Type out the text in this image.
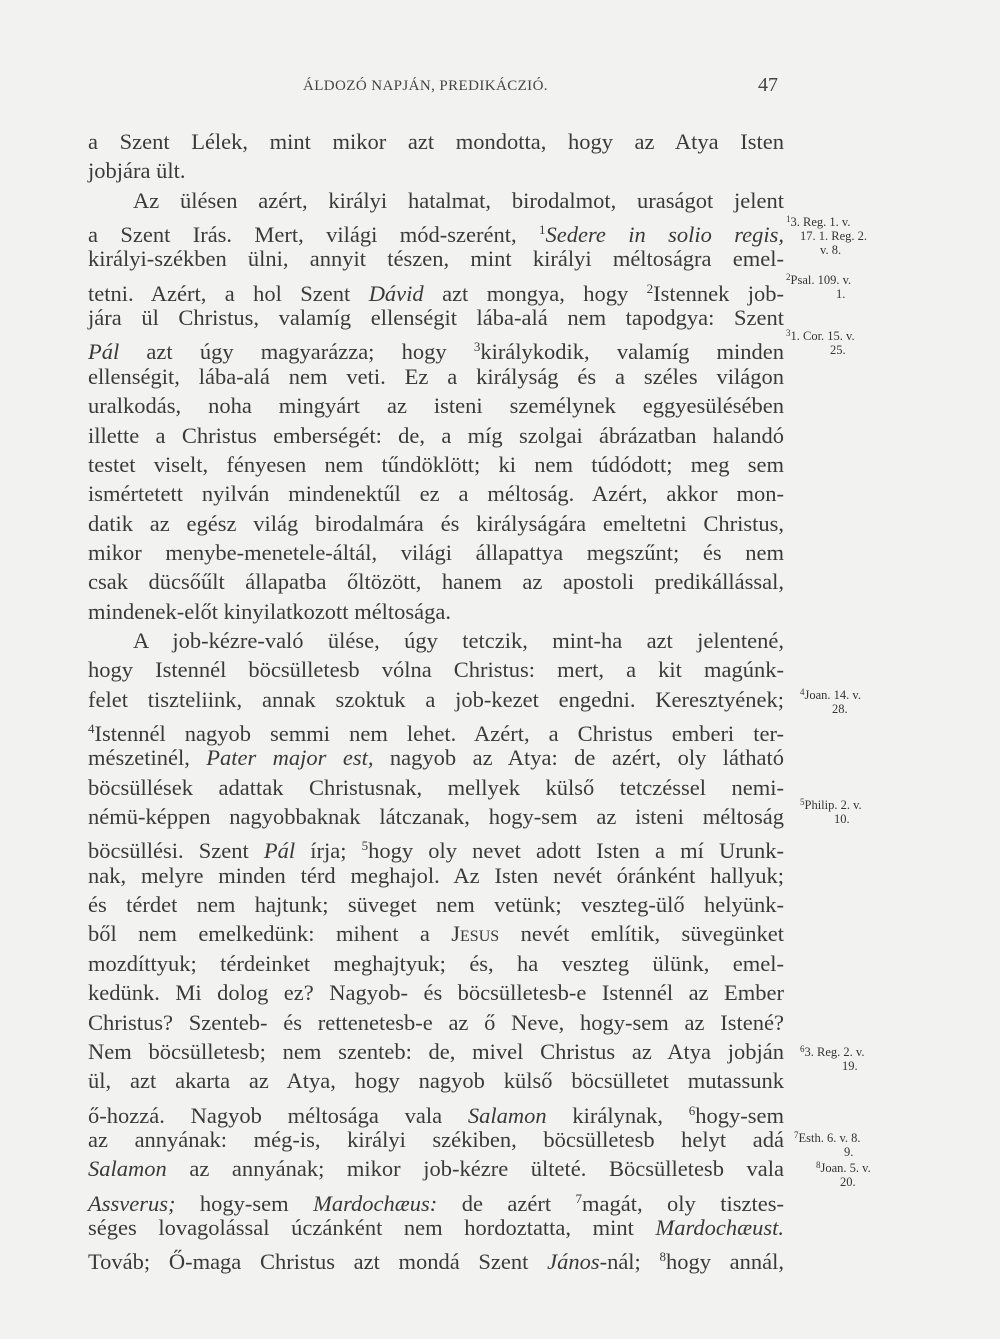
ÁLDOZÓ NAPJÁN, PREDIKÁCZIÓ.	47
a Szent Lélek, mint mikor azt mondotta, hogy az Atya Isten
jobjára ült.
Az ülésen azért, királyi hatalmat, birodalmot, uraságot jelent
a Szent Irás. Mert, világi mód-szerént, $^1$Sedere in solio regis,
királyi-székben ülni, annyit tészen, mint királyi méltoságra emel-
tetni. Azért, a hol Szent Dávid azt mongya, hogy $^2$Istennek job-
jára ül Christus, valamíg ellenségit lába-alá nem tapodgya: Szent
Pál azt úgy magyarázza; hogy $^3$királykodik, valamíg minden
ellenségit, lába-alá nem veti. Ez a királyság és a széles világon
uralkodás, noha mingyárt az isteni személynek eggyesülésében
illette a Christus emberségét: de, a míg szolgai ábrázatban halandó
testet viselt, fényesen nem tűndöklött; ki nem túdódott; meg sem
ismértetett nyilván mindenektűl ez a méltoság. Azért, akkor mon-
datik az egész világ birodalmára és királyságára emeltetni Christus,
mikor menybe-menetele-áltál, világi állapattya megszűnt; és nem
csak dücsőűlt állapatba őltözött, hanem az apostoli predikállással,
mindenek-előt kinyilatkozott méltosága.
A job-kézre-való ülése, úgy tetczik, mint-ha azt jelentené,
hogy Istennél böcsülletesb vólna Christus: mert, a kit magúnk-
felet tiszteliink, annak szoktuk a job-kezet engedni. Keresztyének;
$^4$Istennél nagyob semmi nem lehet. Azért, a Christus emberi ter-
mészetinél, Pater major est, nagyob az Atya: de azért, oly látható
böcsüllések adattak Christusnak, mellyek külső tetczéssel nemi-
némü-képpen nagyobbaknak látczanak, hogy-sem az isteni méltoság
böcsüllési. Szent Pál írja; $^5$hogy oly nevet adott Isten a mí Urunk-
nak, melyre minden térd meghajol. Az Isten nevét óránként hallyuk;
és térdet nem hajtunk; süveget nem vetünk; veszteg-ülő helyünk-
ből nem emelkedünk: mihent a Jesus nevét említik, süvegünket
mozdíttyuk; térdeinket meghajtyuk; és, ha veszteg ülünk, emel-
kedünk. Mi dolog ez? Nagyob- és böcsülletesb-e Istennél az Ember
Christus? Szenteb- és rettenetesb-e az ő Neve, hogy-sem az Istené?
Nem böcsülletesb; nem szenteb: de, mivel Christus az Atya jobján
ül, azt akarta az Atya, hogy nagyob külső böcsülletet mutassunk
ő-hozzá. Nagyob méltosága vala Salamon királynak, $^6$hogy-sem
az annyának: még-is, királyi székiben, böcsülletesb helyt adá
Salamon az annyának; mikor job-kézre ülteté. Böcsülletesb vala
Assverus; hogy-sem Mardochæus: de azért $^7$magát, oly tisztes-
séges lovagolással úczánként nem hordoztatta, mint Mardochæust.
Továb; Ő-maga Christus azt mondá Szent János-nál; $^8$hogy annál,
$^1$3. Reg. 1. v.
17. 1. Reg. 2.
v. 8.
$^2$Psal. 109. v.
1.
$^3$1. Cor. 15. v.
25.
$^4$Joan. 14. v.
28.
$^5$Philip. 2. v.
10.
$^6$3. Reg. 2. v.
19.
$^7$Esth. 6. v. 8.
9.
$^8$Joan. 5. v.
20.
